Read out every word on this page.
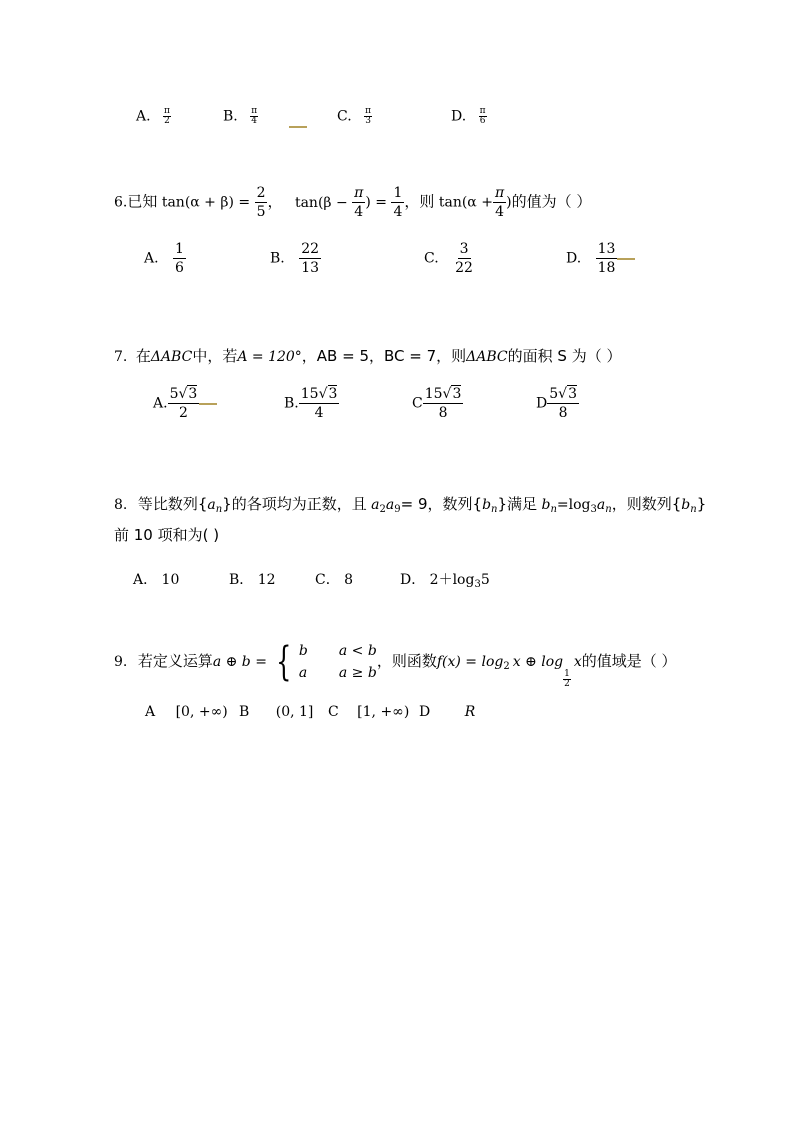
A. $\frac{\pi}{2}$	B. $\frac{\pi}{4}$	C. $\frac{\pi}{3}$	D. $\frac{\pi}{6}$
6.已知 $\tan(\alpha + \beta) = \frac{2}{5}$ ， $\tan(\beta - \frac{\pi}{4}$ ) = $\frac{1}{4}$ ，则 $\tan(\alpha + \frac{\pi}{4}$ )的值为（ ）
A. $\frac{1}{6}$	B. $\frac{22}{13}$	C. $\frac{3}{22}$	D. $\frac{13}{18}$
7. 在ΔABC中，若A = 120°，AB = 5，BC = 7，则ΔABC的面积 S 为（ ）
A. $\frac{5√3}{2}$	B. $\frac{15√3}{4}$	C $\frac{15√3}{8}$	D $\frac{5√3}{8}$
8. 等比数列$\{a_n\}$的各项均为正数，且 $a_2a_9= 9$，数列$\{b_n\}$满足 $b_n=\log_3a_n$，则数列$\{b_n\}$
前 10 项和为( )
A． 10	B． 12	C． 8	D． $2+\log_35$
9. 若定义运算a ⊕ b = { b a < b
a a ≥ b
，则函数$f(x) = \log_2 x$ ⊕ log
$\frac{1}{2}$
x的值域是（ ）
A [0, +∞) B (0, 1] C [1, +∞) D R
